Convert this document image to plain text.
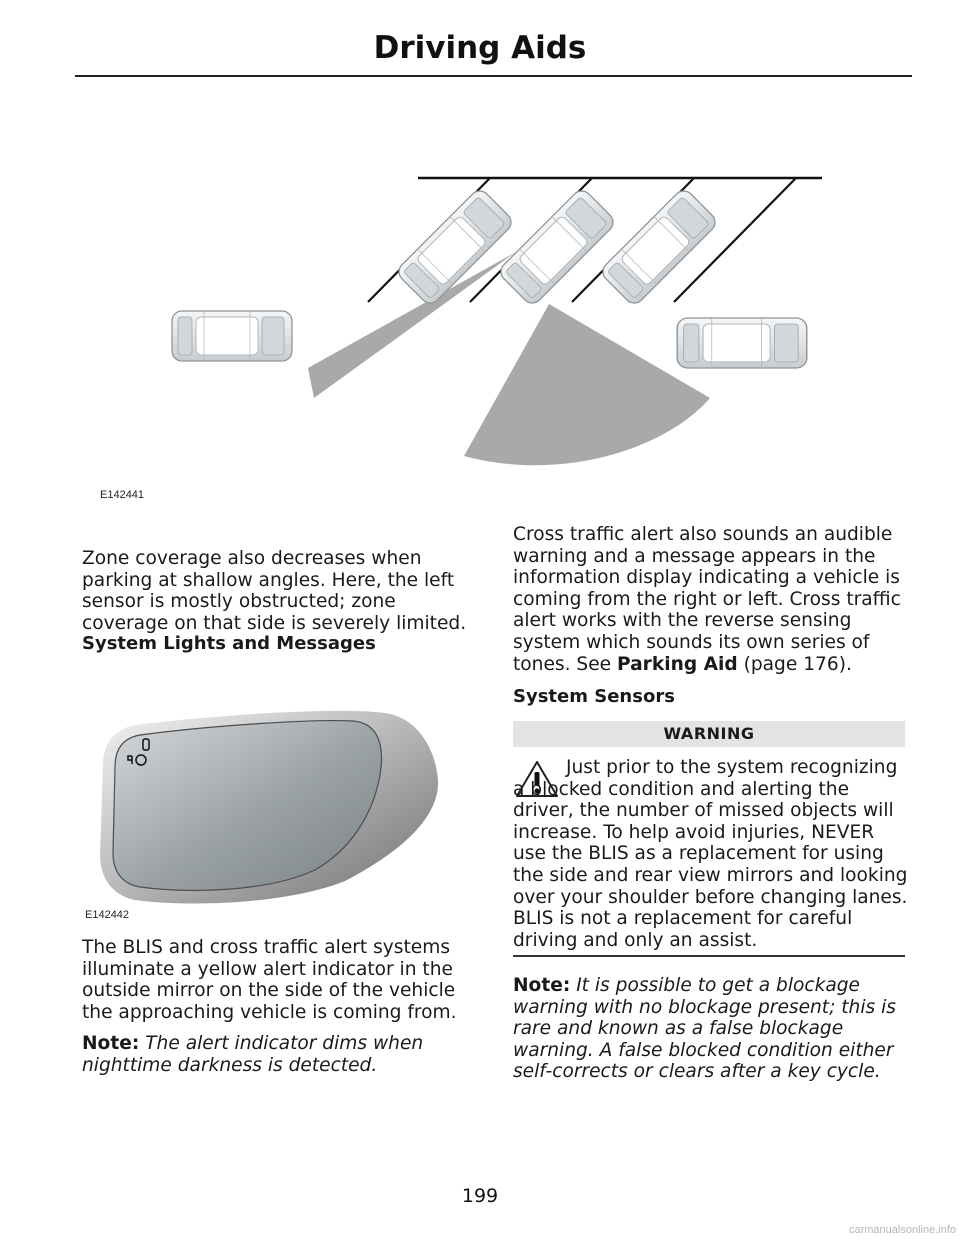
Driving Aids
E142441

Zone coverage also decreases when parking at shallow angles. Here, the left sensor is mostly obstructed; zone coverage on that side is severely limited.

System Lights and Messages
E142442

The BLIS and cross traffic alert systems illuminate a yellow alert indicator in the outside mirror on the side of the vehicle the approaching vehicle is coming from.

Note: The alert indicator dims when nighttime darkness is detected.

Cross traffic alert also sounds an audible warning and a message appears in the information display indicating a vehicle is coming from the right or left. Cross traffic alert works with the reverse sensing system which sounds its own series of tones. See Parking Aid (page 176).

System Sensors
WARNING

Just prior to the system recognizing a blocked condition and alerting the driver, the number of missed objects will increase. To help avoid injuries, NEVER use the BLIS as a replacement for using the side and rear view mirrors and looking over your shoulder before changing lanes. BLIS is not a replacement for careful driving and only an assist.

Note: It is possible to get a blockage warning with no blockage present; this is rare and known as a false blockage warning. A false blocked condition either self-corrects or clears after a key cycle.

199
carmanualsonline.info
